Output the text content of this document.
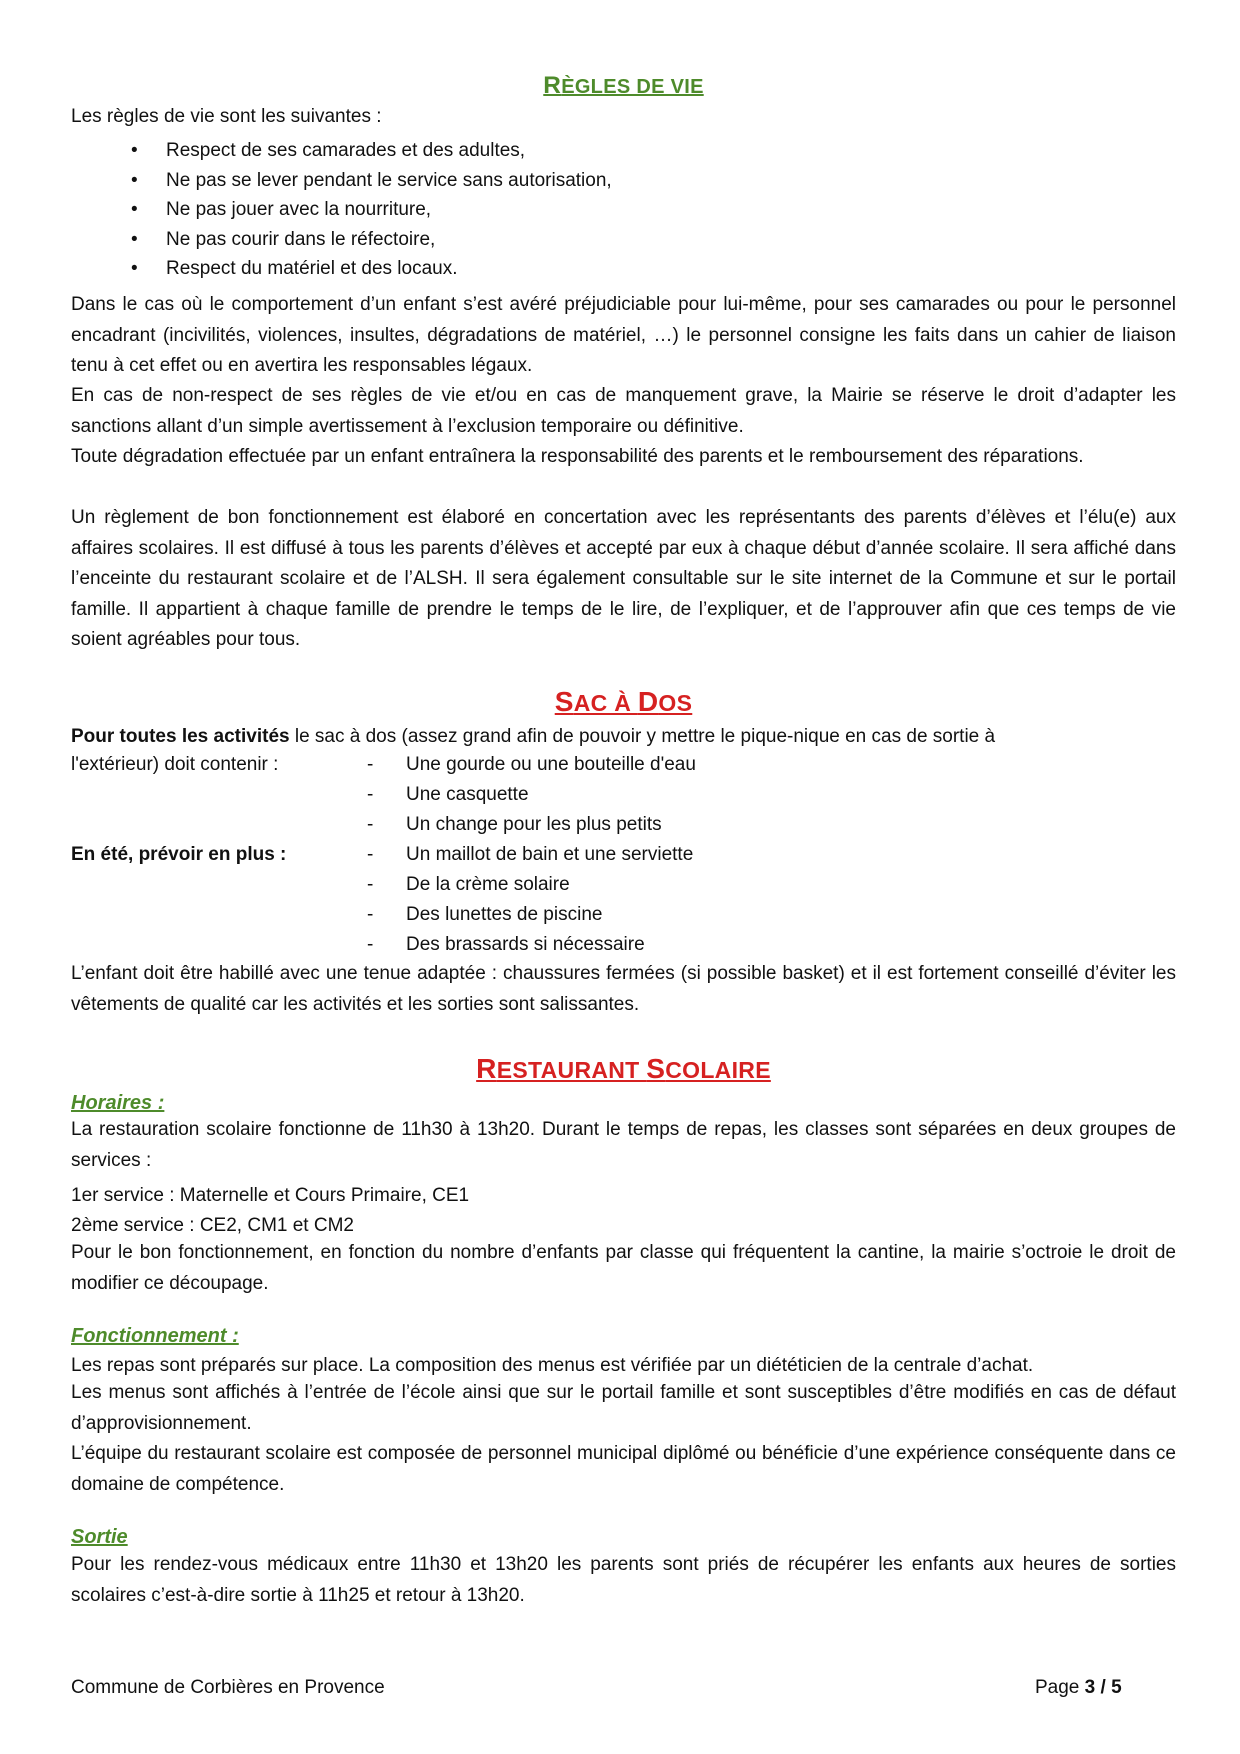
RÈGLES DE VIE
Les règles de vie sont les suivantes :
• Respect de ses camarades et des adultes,
• Ne pas se lever pendant le service sans autorisation,
• Ne pas jouer avec la nourriture,
• Ne pas courir dans le réfectoire,
• Respect du matériel et des locaux.
Dans le cas où le comportement d’un enfant s’est avéré préjudiciable pour lui-même, pour ses camarades ou pour le personnel encadrant (incivilités, violences, insultes, dégradations de matériel, …) le personnel consigne les faits dans un cahier de liaison tenu à cet effet ou en avertira les responsables légaux.
En cas de non-respect de ses règles de vie et/ou en cas de manquement grave, la Mairie se réserve le droit d’adapter les sanctions allant d’un simple avertissement à l’exclusion temporaire ou définitive.
Toute dégradation effectuée par un enfant entraînera la responsabilité des parents et le remboursement des réparations.
Un règlement de bon fonctionnement est élaboré en concertation avec les représentants des parents d’élèves et l’élu(e) aux affaires scolaires. Il est diffusé à tous les parents d’élèves et accepté par eux à chaque début d’année scolaire. Il sera affiché dans l’enceinte du restaurant scolaire et de l’ALSH. Il sera également consultable sur le site internet de la Commune et sur le portail famille. Il appartient à chaque famille de prendre le temps de le lire, de l’expliquer, et de l’approuver afin que ces temps de vie soient agréables pour tous.
SAC À DOS
Pour toutes les activités le sac à dos (assez grand afin de pouvoir y mettre le pique-nique en cas de sortie à
l'extérieur) doit contenir :	- Une gourde ou une bouteille d'eau
- Une casquette
- Un change pour les plus petits
En été, prévoir en plus :	- Un maillot de bain et une serviette
- De la crème solaire
- Des lunettes de piscine
- Des brassards si nécessaire
L’enfant doit être habillé avec une tenue adaptée : chaussures fermées (si possible basket) et il est fortement conseillé d’éviter les vêtements de qualité car les activités et les sorties sont salissantes.
RESTAURANT SCOLAIRE
Horaires :
La restauration scolaire fonctionne de 11h30 à 13h20. Durant le temps de repas, les classes sont séparées en deux groupes de services :
1er service : Maternelle et Cours Primaire, CE1
2ème service : CE2, CM1 et CM2
Pour le bon fonctionnement, en fonction du nombre d’enfants par classe qui fréquentent la cantine, la mairie s’octroie le droit de modifier ce découpage.
Fonctionnement :
Les repas sont préparés sur place. La composition des menus est vérifiée par un diététicien de la centrale d’achat.
Les menus sont affichés à l’entrée de l’école ainsi que sur le portail famille et sont susceptibles d’être modifiés en cas de défaut d’approvisionnement.
L’équipe du restaurant scolaire est composée de personnel municipal diplômé ou bénéficie d’une expérience conséquente dans ce domaine de compétence.
Sortie
Pour les rendez-vous médicaux entre 11h30 et 13h20 les parents sont priés de récupérer les enfants aux heures de sorties scolaires c’est-à-dire sortie à 11h25 et retour à 13h20.
Commune de Corbières en Provence	Page 3 / 5
